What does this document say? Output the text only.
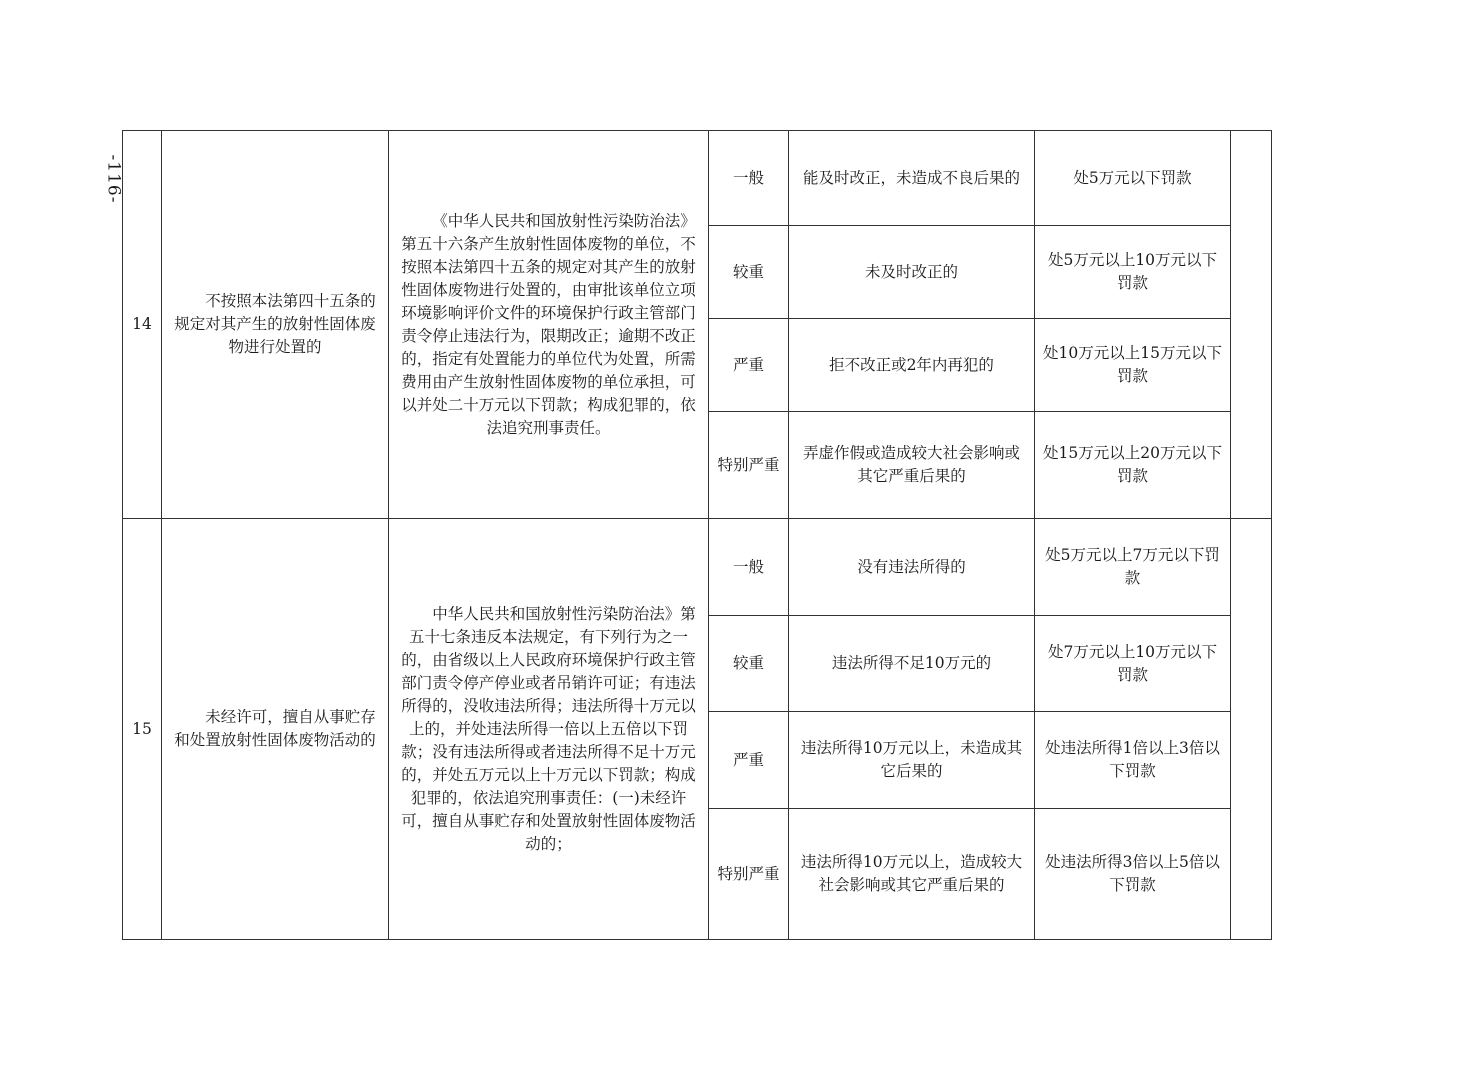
-116-
14	不按照本法第四十五条的规定对其产生的放射性固体废物进行处置的	《中华人民共和国放射性污染防治法》第五十六条产生放射性固体废物的单位，不按照本法第四十五条的规定对其产生的放射性固体废物进行处置的，由审批该单位立项环境影响评价文件的环境保护行政主管部门责令停止违法行为，限期改正；逾期不改正的，指定有处置能力的单位代为处置，所需费用由产生放射性固体废物的单位承担，可以并处二十万元以下罚款；构成犯罪的，依法追究刑事责任。	一般	能及时改正，未造成不良后果的	处5万元以下罚款	
			较重	未及时改正的	处5万元以上10万元以下罚款	
			严重	拒不改正或2年内再犯的	处10万元以上15万元以下罚款	
			特别严重	弄虚作假或造成较大社会影响或其它严重后果的	处15万元以上20万元以下罚款	
15	未经许可，擅自从事贮存和处置放射性固体废物活动的	中华人民共和国放射性污染防治法》第五十七条违反本法规定，有下列行为之一的，由省级以上人民政府环境保护行政主管部门责令停产停业或者吊销许可证；有违法所得的，没收违法所得；违法所得十万元以上的，并处违法所得一倍以上五倍以下罚款；没有违法所得或者违法所得不足十万元的，并处五万元以上十万元以下罚款；构成犯罪的，依法追究刑事责任：(一)未经许可，擅自从事贮存和处置放射性固体废物活动的；	一般	没有违法所得的	处5万元以上7万元以下罚款	
			较重	违法所得不足10万元的	处7万元以上10万元以下罚款	
			严重	违法所得10万元以上，未造成其它后果的	处违法所得1倍以上3倍以下罚款	
			特别严重	违法所得10万元以上，造成较大社会影响或其它严重后果的	处违法所得3倍以上5倍以下罚款	
